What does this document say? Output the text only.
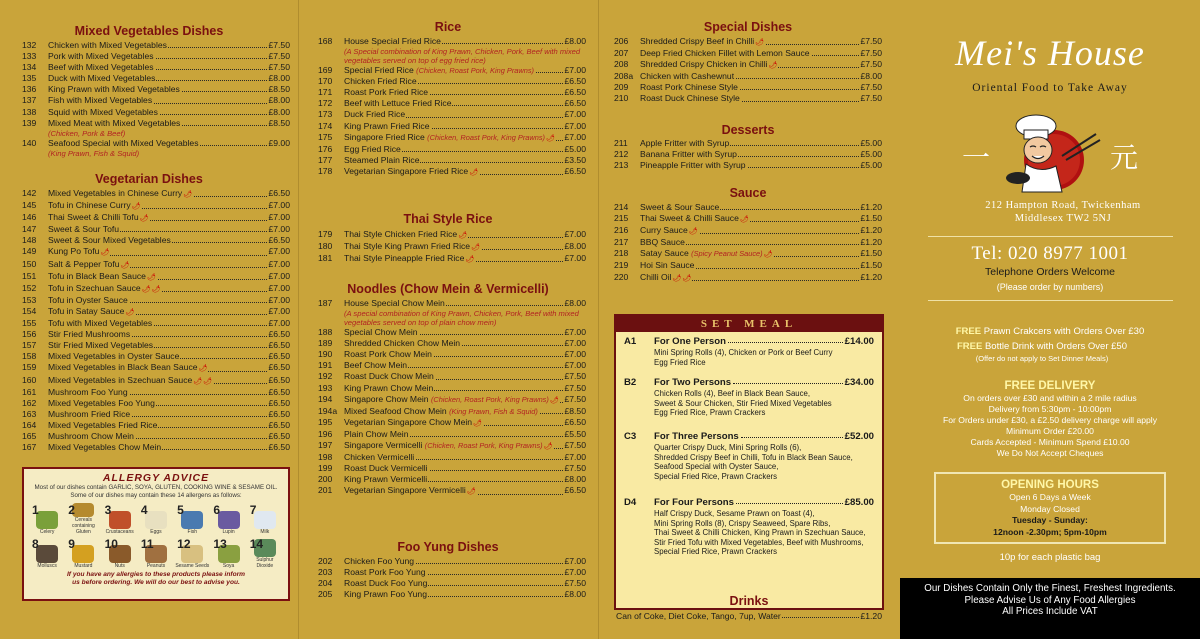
Mixed Vegetables Dishes
132	Chicken with Mixed Vegetables	£7.50
133	Pork with Mixed Vegetables	£7.50
134	Beef with Mixed Vegetables	£7.50
135	Duck with Mixed Vegetables	£8.00
136	King Prawn with Mixed Vegetables	£8.50
137	Fish with Mixed Vegetables	£8.00
138	Squid with Mixed Vegetables	£8.00
139	Mixed Meat with Mixed Vegetables	£8.50
(Chicken, Pork & Beef)
140	Seafood Special with Mixed Vegetables	£9.00
(King Prawn, Fish & Squid)
Vegetarian Dishes
142	Mixed Vegetables in Chinese Curry🌶	£6.50
145	Tofu in Chinese Curry🌶	£7.00
146	Thai Sweet & Chilli Tofu🌶	£7.00
147	Sweet & Sour Tofu	£7.00
148	Sweet & Sour Mixed Vegetables	£6.50
149	Kung Po Tofu🌶	£7.00
150	Salt & Pepper Tofu🌶	£7.00
151	Tofu in Black Bean Sauce🌶	£7.00
152	Tofu in Szechuan Sauce🌶🌶	£7.00
153	Tofu in Oyster Sauce	£7.00
154	Tofu in Satay Sauce🌶	£7.00
155	Tofu with Mixed Vegetables	£7.00
156	Stir Fried Mushrooms	£6.50
157	Stir Fried Mixed Vegetables	£6.50
158	Mixed Vegetables in Oyster Sauce	£6.50
159	Mixed Vegetables in Black Bean Sauce🌶	£6.50
160	Mixed Vegetables in Szechuan Sauce🌶🌶	£6.50
161	Mushroom Foo Yung	£6.50
162	Mixed Vegetables Foo Yung	£6.50
163	Mushroom Fried Rice	£6.50
164	Mixed Vegetables Fried Rice	£6.50
165	Mushroom Chow Mein	£6.50
167	Mixed Vegetables Chow Mein	£6.50
ALLERGY ADVICE

Most of our dishes contain GARLIC, SOYA, GLUTEN, COOKING WINE & SESAME OIL.

Some of our dishes may contain these 14 allergens as follows:

1
Celery
2
Cereals containing Gluten
3
Crustaceans
4
Eggs
5
Fish
6
Lupin
7
Milk
8
Molluscs
9
Mustard
10
Nuts
11
Peanuts
12
Sesame Seeds
13
Soya
14
Sulphur Dioxide

If you have any allergies to these products please inform

us before ordering. We will do our best to advise you.

Rice
168	House Special Fried Rice	£8.00
(A Special combination of King Prawn, Chicken, Pork, Beef with mixed vegetables served on top of egg fried rice)
169	Special Fried Rice (Chicken, Roast Pork, King Prawns)	£7.00
170	Chicken Fried Rice	£6.50
171	Roast Pork Fried Rice	£6.50
172	Beef with Lettuce Fried Rice	£6.50
173	Duck Fried Rice	£7.00
174	King Prawn Fried Rice	£7.00
175	Singapore Fried Rice (Chicken, Roast Pork, King Prawns)🌶	£7.00
176	Egg Fried Rice	£5.00
177	Steamed Plain Rice	£3.50
178	Vegetarian Singapore Fried Rice🌶	£6.50
Thai Style Rice
179	Thai Style Chicken Fried Rice🌶	£7.00
180	Thai Style King Prawn Fried Rice🌶	£8.00
181	Thai Style Pineapple Fried Rice🌶	£7.00
Noodles (Chow Mein & Vermicelli)
187	House Special Chow Mein	£8.00
(A special combination of King Prawn, Chicken, Pork, Beef with mixed vegetables served on top of plain chow mein)
188	Special Chow Mein	£7.00
189	Shredded Chicken Chow Mein	£7.00
190	Roast Pork Chow Mein	£7.00
191	Beef Chow Mein	£7.00
192	Roast Duck Chow Mein	£7.50
193	King Prawn Chow Mein	£7.50
194	Singapore Chow Mein (Chicken, Roast Pork, King Prawns)🌶 £7.50
194a Mixed Seafood Chow Mein (King Prawn, Fish & Squid)	£8.50
195	Vegetarian Singapore Chow Mein🌶	£6.50
196	Plain Chow Mein	£5.50
197	Singapore Vermicelli (Chicken, Roast Pork, King Prawns)🌶	£7.50
198	Chicken Vermicelli	£7.00
199	Roast Duck Vermicelli	£7.50
200	King Prawn Vermicelli	£8.00
201	Vegetarian Singapore Vermicelli🌶	£6.50
Foo Yung Dishes
202	Chicken Foo Yung	£7.00
203	Roast Pork Foo Yung	£7.00
204	Roast Duck Foo Yung	£7.50
205	King Prawn Foo Yung	£8.00
Special Dishes
206	Shredded Crispy Beef in Chilli🌶	£7.50
207	Deep Fried Chicken Fillet with Lemon Sauce	£7.50
208	Shredded Crispy Chicken in Chilli🌶	£7.50
208a Chicken with Cashewnut	£8.00
209	Roast Pork Chinese Style	£7.50
210	Roast Duck Chinese Style	£7.50
Desserts
211	Apple Fritter with Syrup	£5.00
212	Banana Fritter with Syrup	£5.00
213	Pineapple Fritter with Syrup	£5.00
Sauce
214	Sweet & Sour Sauce	£1.20
215	Thai Sweet & Chilli Sauce🌶	£1.50
216	Curry Sauce🌶	£1.20
217	BBQ Sauce	£1.20
218	Satay Sauce (Spicy Peanut Sauce)🌶	£1.50
219	Hoi Sin Sauce	£1.50
220	Chilli Oil🌶🌶	£1.20
SET MEAL
A1 For One Person	£14.00
Mini Spring Rolls (4), Chicken or Pork or Beef Curry
Egg Fried Rice
B2 For Two Persons	£34.00
Chicken Rolls (4), Beef in Black Bean Sauce,
Sweet & Sour Chicken, Stir Fried Mixed Vegetables
Egg Fried Rice, Prawn Crackers
C3 For Three Persons	£52.00
Quarter Crispy Duck, Mini Spring Rolls (6),
Shredded Crispy Beef in Chilli, Tofu in Black Bean Sauce,
Seafood Special with Oyster Sauce,
Special Fried Rice, Prawn Crackers
D4 For Four Persons	£85.00
Half Crispy Duck, Sesame Prawn on Toast (4),
Mini Spring Rolls (8), Crispy Seaweed, Spare Ribs,
Thai Sweet & Chilli Chicken, King Prawn in Szechuan Sauce,
Stir Fried Tofu with Mixed Vegetables, Beef with Mushrooms,
Special Fried Rice, Prawn Crackers
Drinks
Can of Coke, Diet Coke, Tango, 7up, Water	£1.20
Mei's House
Oriental Food to Take Away
一	元
212 Hampton Road, Twickenham
Middlesex TW2 5NJ
Tel: 020 8977 1001
Telephone Orders Welcome
(Please order by numbers)
FREE Prawn Crakcers with Orders Over £30
FREE Bottle Drink with Orders Over £50
(Offer do not apply to Set Dinner Meals)
FREE DELIVERY
On orders over £30 and within a 2 mile radius
Delivery from 5:30pm - 10:00pm
For Orders under £30, a £2.50 delivery charge will apply
Minimum Order £20.00
Cards Accepted - Minimum Spend £10.00
We Do Not Accept Cheques
OPENING HOURS
Open 6 Days a Week
Monday Closed
Tuesday - Sunday:
12noon -2.30pm; 5pm-10pm
10p for each plastic bag
Our Dishes Contain Only the Finest, Freshest Ingredients.
Please Advise Us of Any Food Allergies
All Prices Include VAT
